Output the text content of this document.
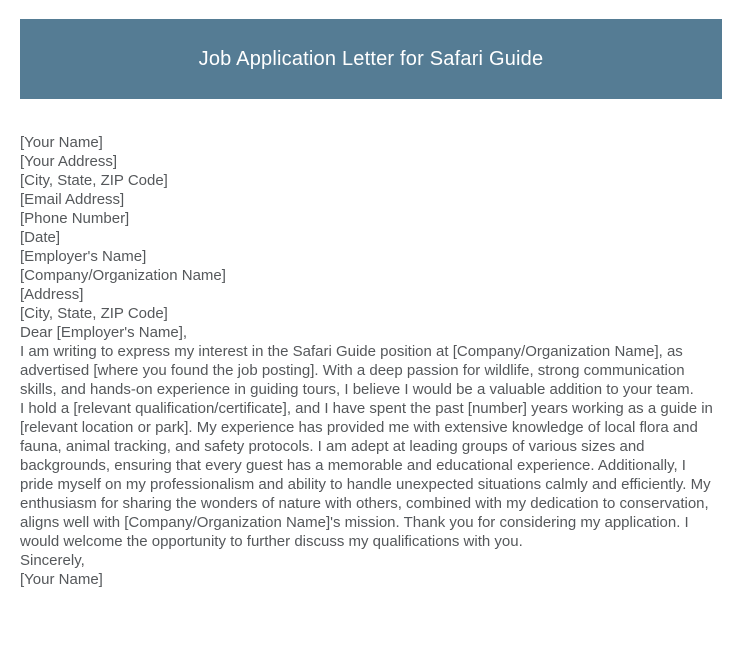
Job Application Letter for Safari Guide

[Your Name]

[Your Address]

[City, State, ZIP Code]

[Email Address]

[Phone Number]

[Date]

[Employer's Name]

[Company/Organization Name]

[Address]

[City, State, ZIP Code]

Dear [Employer's Name],

I am writing to express my interest in the Safari Guide position at [Company/Organization Name], as advertised [where you found the job posting]. With a deep passion for wildlife, strong communication skills, and hands-on experience in guiding tours, I believe I would be a valuable addition to your team.

I hold a [relevant qualification/certificate], and I have spent the past [number] years working as a guide in [relevant location or park]. My experience has provided me with extensive knowledge of local flora and fauna, animal tracking, and safety protocols. I am adept at leading groups of various sizes and backgrounds, ensuring that every guest has a memorable and educational experience. Additionally, I pride myself on my professionalism and ability to handle unexpected situations calmly and efficiently. My enthusiasm for sharing the wonders of nature with others, combined with my dedication to conservation, aligns well with [Company/Organization Name]'s mission. Thank you for considering my application. I would welcome the opportunity to further discuss my qualifications with you.

Sincerely,

[Your Name]
